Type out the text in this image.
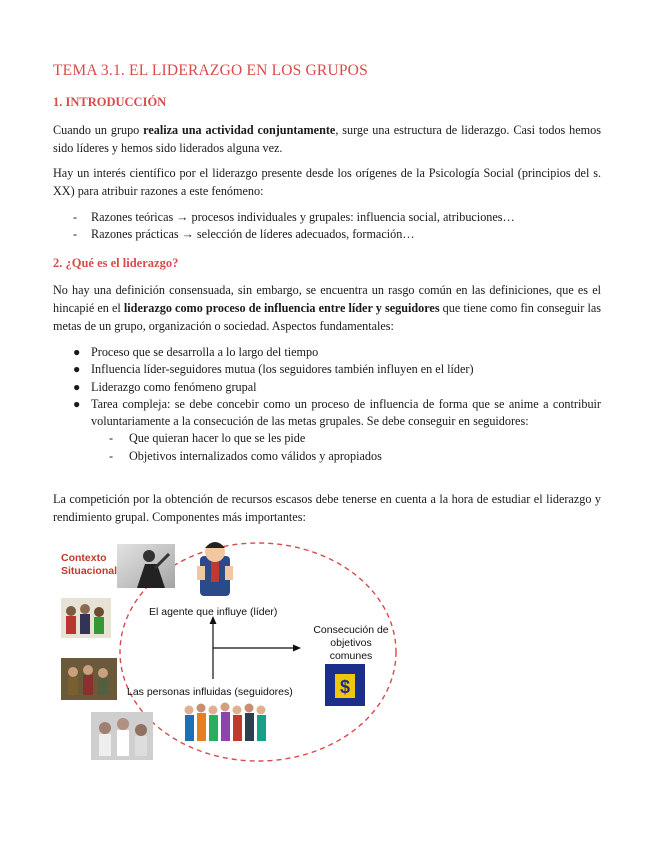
TEMA 3.1. EL LIDERAZGO EN LOS GRUPOS
1. INTRODUCCIÓN
Cuando un grupo realiza una actividad conjuntamente, surge una estructura de liderazgo. Casi todos hemos sido líderes y hemos sido liderados alguna vez.
Hay un interés científico por el liderazgo presente desde los orígenes de la Psicología Social (principios del s. XX) para atribuir razones a este fenómeno:
- Razones teóricas → procesos individuales y grupales: influencia social, atribuciones…
- Razones prácticas → selección de líderes adecuados, formación…
2. ¿Qué es el liderazgo?
No hay una definición consensuada, sin embargo, se encuentra un rasgo común en las definiciones, que es el hincapié en el liderazgo como proceso de influencia entre líder y seguidores que tiene como fin conseguir las metas de un grupo, organización o sociedad. Aspectos fundamentales:
● Proceso que se desarrolla a lo largo del tiempo
● Influencia líder-seguidores mutua (los seguidores también influyen en el líder)
● Liderazgo como fenómeno grupal
● Tarea compleja: se debe concebir como un proceso de influencia de forma que se anime a contribuir voluntariamente a la consecución de las metas grupales. Se debe conseguir en seguidores:
- Que quieran hacer lo que se les pide
- Objetivos internalizados como válidos y apropiados
La competición por la obtención de recursos escasos debe tenerse en cuenta a la hora de estudiar el liderazgo y rendimiento grupal. Componentes más importantes:
$
Contexto Situacional
El agente que influye (líder)
Consecución de objetivos comunes
Las personas influidas (seguidores)
